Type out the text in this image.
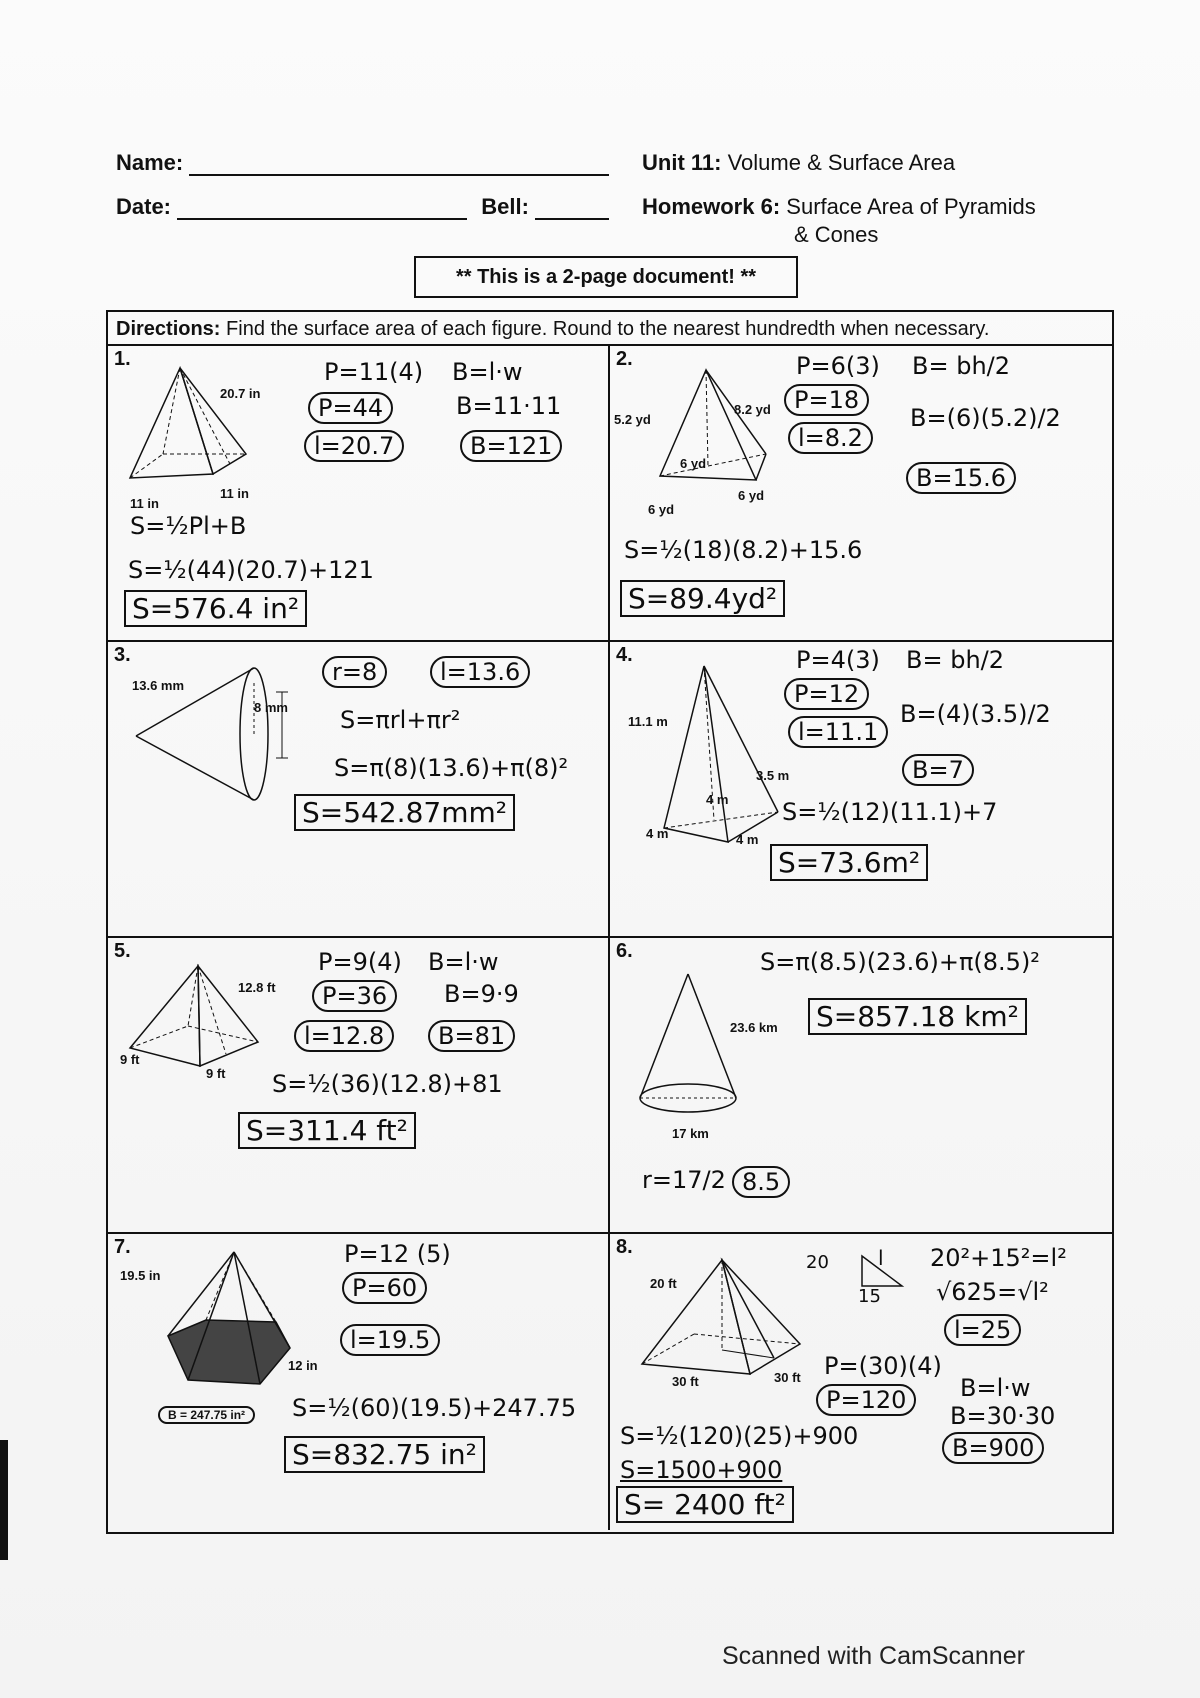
Name:
Date:	Bell:
Unit 11: Volume & Surface Area
Homework 6: Surface Area of Pyramids
& Cones
** This is a 2-page document! **
Directions: Find the surface area of each figure. Round to the nearest hundredth when necessary.
1.
20.7 in
11 in
11 in
P=11(4) B=l·w
P=44	B=11·11
l=20.7	B=121
S=½Pl+B
S=½(44)(20.7)+121
S=576.4 in²
2.
8.2 yd
5.2 yd
6 yd
6 yd
6 yd
P=6(3) B= bh/2
P=18
B=(6)(5.2)/2
l=8.2
B=15.6
S=½(18)(8.2)+15.6
S=89.4yd²
3.
13.6 mm
8 mm
r=8	l=13.6
S=πrl+πr²
S=π(8)(13.6)+π(8)²
S=542.87mm²
4.
11.1 m
3.5 m
4 m
4 m	4 m
P=4(3) B= bh/2
P=12
B=(4)(3.5)/2
l=11.1
B=7
S=½(12)(11.1)+7
S=73.6m²
5.
12.8 ft
9 ft
9 ft
P=9(4) B=l·w
P=36	B=9·9
l=12.8	B=81
S=½(36)(12.8)+81
S=311.4 ft²
6.
23.6 km
17 km
S=π(8.5)(23.6)+π(8.5)²
S=857.18 km²
r=17/2 8.5
7.
19.5 in
12 in
B = 247.75 in²
P=12 (5)
P=60
l=19.5
S=½(60)(19.5)+247.75
S=832.75 in²
8.
20 ft
30 ft	30 ft
20 l
15
20²+15²=l²
√625=√l²
l=25
P=(30)(4)
P=120	B=l·w
B=30·30
B=900
S=½(120)(25)+900
S=1500+900
S= 2400 ft²
Scanned with CamScanner
